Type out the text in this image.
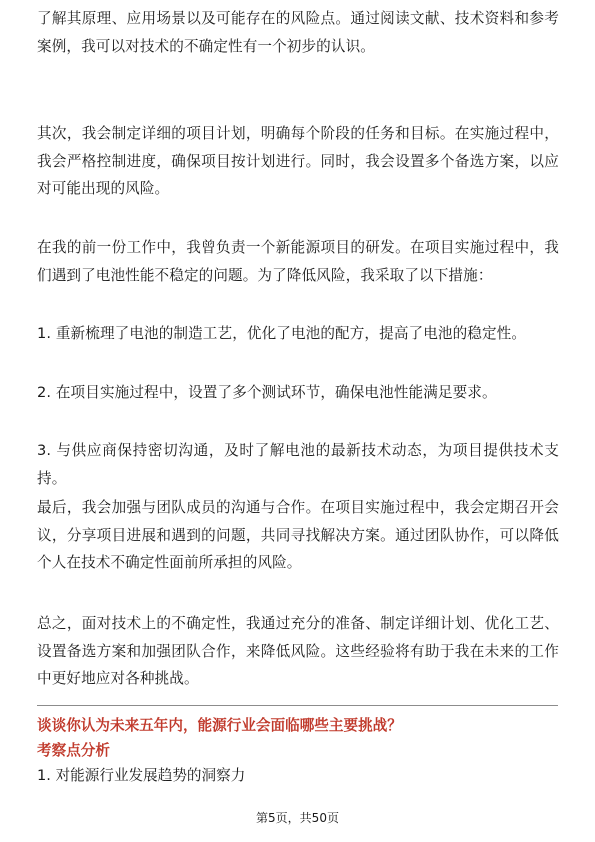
了解其原理、应用场景以及可能存在的风险点。通过阅读文献、技术资料和参考案例，我可以对技术的不确定性有一个初步的认识。

其次，我会制定详细的项目计划，明确每个阶段的任务和目标。在实施过程中，我会严格控制进度，确保项目按计划进行。同时，我会设置多个备选方案，以应对可能出现的风险。

在我的前一份工作中，我曾负责一个新能源项目的研发。在项目实施过程中，我们遇到了电池性能不稳定的问题。为了降低风险，我采取了以下措施：

1. 重新梳理了电池的制造工艺，优化了电池的配方，提高了电池的稳定性。

2. 在项目实施过程中，设置了多个测试环节，确保电池性能满足要求。

3. 与供应商保持密切沟通，及时了解电池的最新技术动态，为项目提供技术支持。

最后，我会加强与团队成员的沟通与合作。在项目实施过程中，我会定期召开会议，分享项目进展和遇到的问题，共同寻找解决方案。通过团队协作，可以降低个人在技术不确定性面前所承担的风险。

总之，面对技术上的不确定性，我通过充分的准备、制定详细计划、优化工艺、设置备选方案和加强团队合作，来降低风险。这些经验将有助于我在未来的工作中更好地应对各种挑战。

谈谈你认为未来五年内，能源行业会面临哪些主要挑战？

考察点分析

1. 对能源行业发展趋势的洞察力

第5页，共50页
